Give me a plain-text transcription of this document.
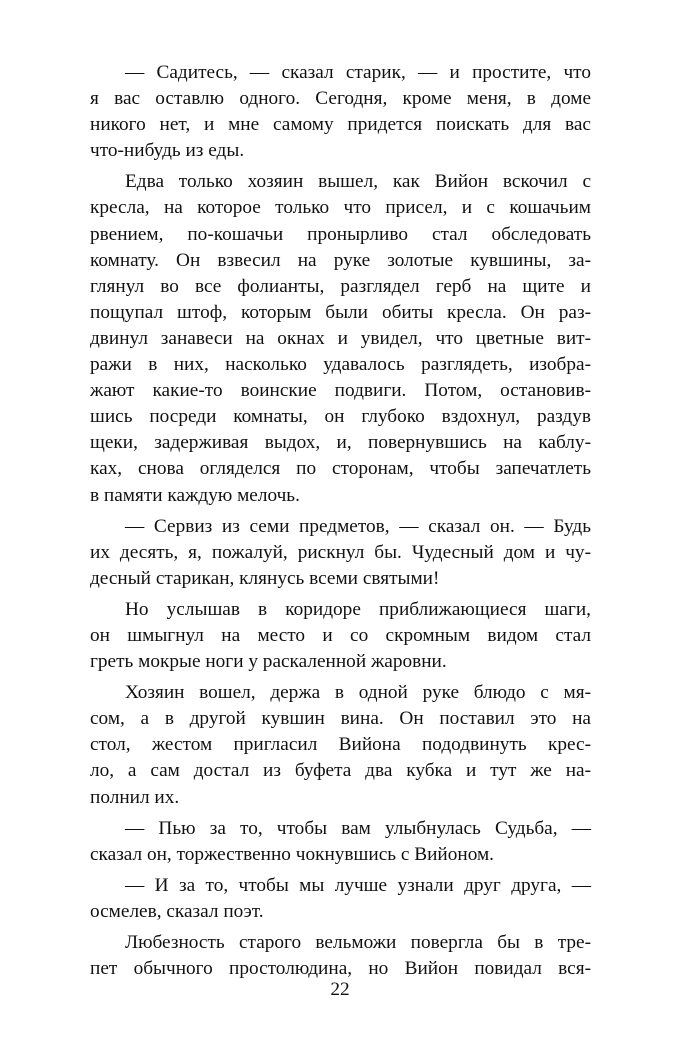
— Садитесь, — сказал старик, — и простите, что
я вас оставлю одного. Сегодня, кроме меня, в доме
никого нет, и мне самому придется поискать для вас
что-нибудь из еды.
Едва только хозяин вышел, как Вийон вскочил с
кресла, на которое только что присел, и с кошачьим
рвением, по-кошачьи пронырливо стал обследовать
комнату. Он взвесил на руке золотые кувшины, за-
глянул во все фолианты, разглядел герб на щите и
пощупал штоф, которым были обиты кресла. Он раз-
двинул занавеси на окнах и увидел, что цветные вит-
ражи в них, насколько удавалось разглядеть, изобра-
жают какие-то воинские подвиги. Потом, остановив-
шись посреди комнаты, он глубоко вздохнул, раздув
щеки, задерживая выдох, и, повернувшись на каблу-
ках, снова огляделся по сторонам, чтобы запечатлеть
в памяти каждую мелочь.
— Сервиз из семи предметов, — сказал он. — Будь
их десять, я, пожалуй, рискнул бы. Чудесный дом и чу-
десный старикан, клянусь всеми святыми!
Но услышав в коридоре приближающиеся шаги,
он шмыгнул на место и со скромным видом стал
греть мокрые ноги у раскаленной жаровни.
Хозяин вошел, держа в одной руке блюдо с мя-
сом, а в другой кувшин вина. Он поставил это на
стол, жестом пригласил Вийона пододвинуть крес-
ло, а сам достал из буфета два кубка и тут же на-
полнил их.
— Пью за то, чтобы вам улыбнулась Судьба, —
сказал он, торжественно чокнувшись с Вийоном.
— И за то, чтобы мы лучше узнали друг друга, —
осмелев, сказал поэт.
Любезность старого вельможи повергла бы в тре-
пет обычного простолюдина, но Вийон повидал вся-
22
